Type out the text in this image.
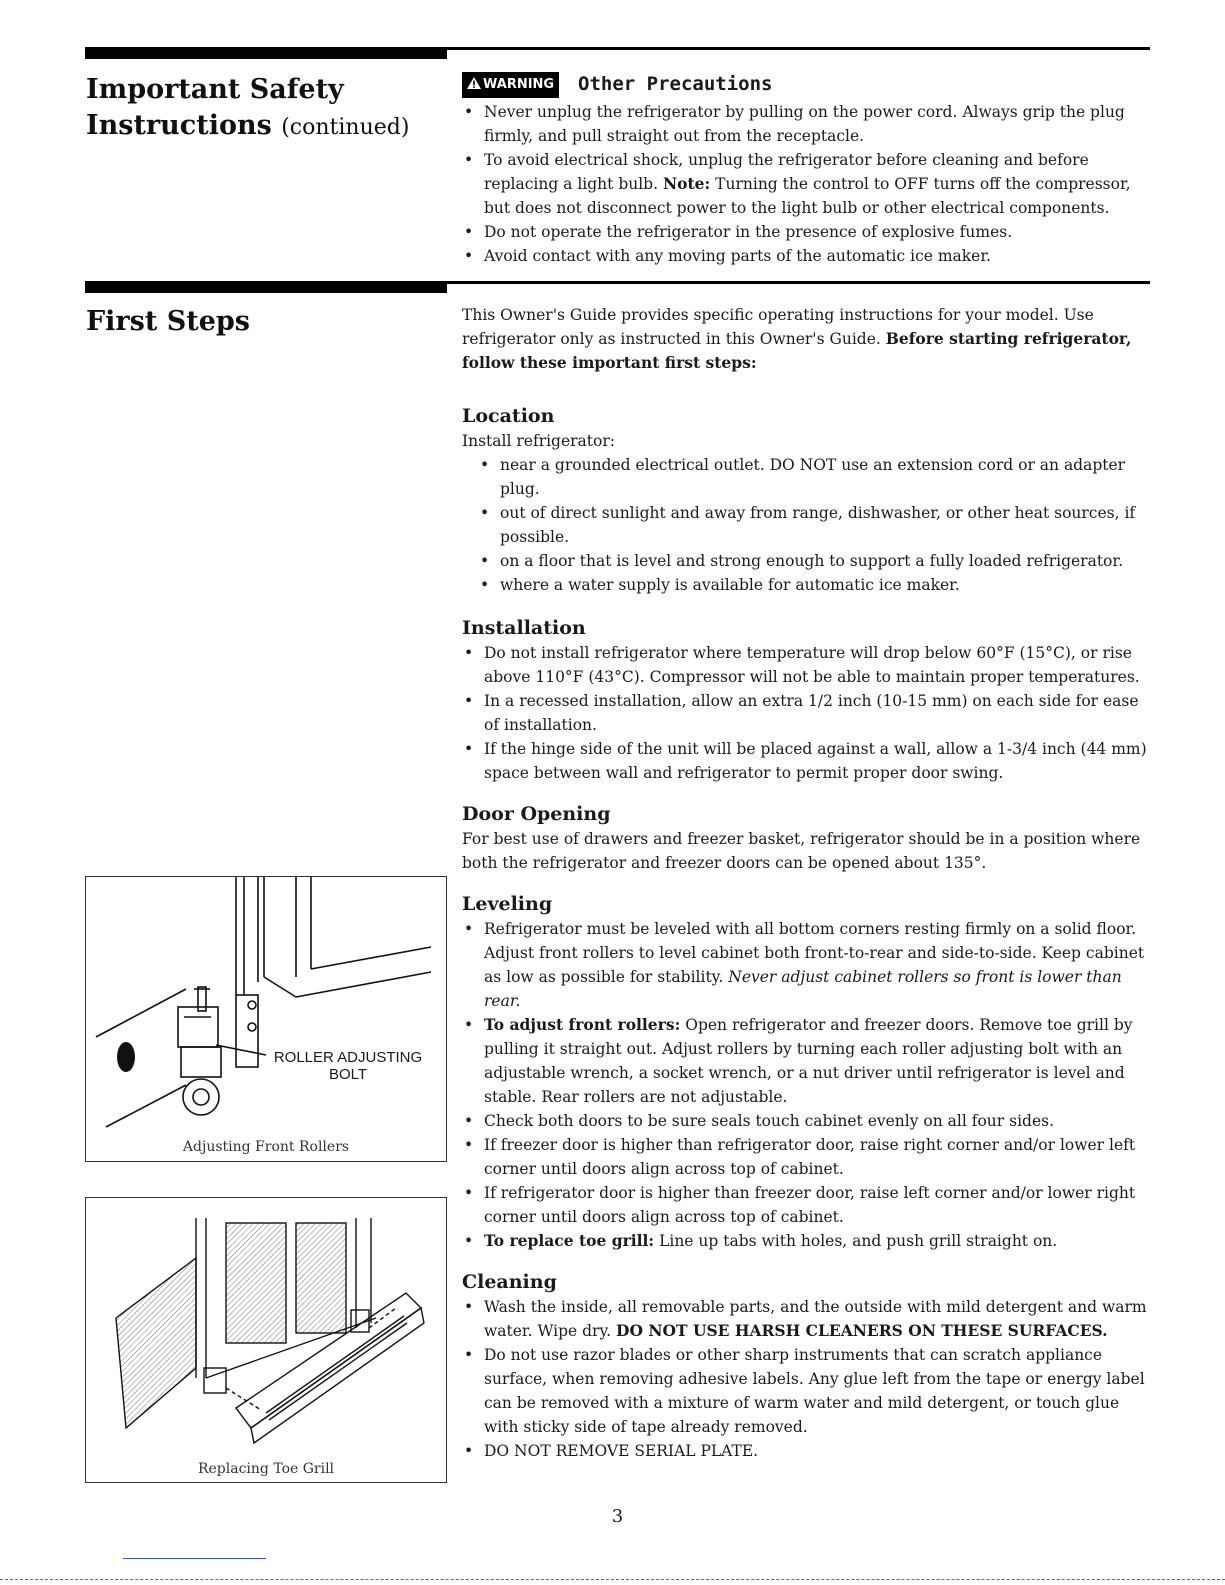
Important Safety
Instructions (continued)
WARNING Other Precautions
• Never unplug the refrigerator by pulling on the power cord. Always grip the plug firmly, and pull straight out from the receptacle.
• To avoid electrical shock, unplug the refrigerator before cleaning and before replacing a light bulb. Note: Turning the control to OFF turns off the compressor, but does not disconnect power to the light bulb or other electrical components.
• Do not operate the refrigerator in the presence of explosive fumes.
• Avoid contact with any moving parts of the automatic ice maker.
First Steps	This Owner's Guide provides specific operating instructions for your model. Use refrigerator only as instructed in this Owner's Guide. Before starting refrigerator, follow these important first steps:

Location

Install refrigerator:

• near a grounded electrical outlet. DO NOT use an extension cord or an adapter plug.
• out of direct sunlight and away from range, dishwasher, or other heat sources, if possible.
• on a floor that is level and strong enough to support a fully loaded refrigerator.
• where a water supply is available for automatic ice maker.
Installation
• Do not install refrigerator where temperature will drop below 60°F (15°C), or rise above 110°F (43°C). Compressor will not be able to maintain proper temperatures.
• In a recessed installation, allow an extra 1/2 inch (10-15 mm) on each side for ease of installation.
• If the hinge side of the unit will be placed against a wall, allow a 1-3/4 inch (44 mm) space between wall and refrigerator to permit proper door swing.
Door Opening

For best use of drawers and freezer basket, refrigerator should be in a position where both the refrigerator and freezer doors can be opened about 135°.

Leveling
• Refrigerator must be leveled with all bottom corners resting firmly on a solid floor. Adjust front rollers to level cabinet both front-to-rear and side-to-side. Keep cabinet as low as possible for stability. Never adjust cabinet rollers so front is lower than rear.
• To adjust front rollers: Open refrigerator and freezer doors. Remove toe grill by pulling it straight out. Adjust rollers by turning each roller adjusting bolt with an adjustable wrench, a socket wrench, or a nut driver until refrigerator is level and stable. Rear rollers are not adjustable.
• Check both doors to be sure seals touch cabinet evenly on all four sides.
• If freezer door is higher than refrigerator door, raise right corner and/or lower left corner until doors align across top of cabinet.
• If refrigerator door is higher than freezer door, raise left corner and/or lower right corner until doors align across top of cabinet.
• To replace toe grill: Line up tabs with holes, and push grill straight on.
Cleaning
• Wash the inside, all removable parts, and the outside with mild detergent and warm water. Wipe dry. DO NOT USE HARSH CLEANERS ON THESE SURFACES.
• Do not use razor blades or other sharp instruments that can scratch appliance surface, when removing adhesive labels. Any glue left from the tape or energy label can be removed with a mixture of warm water and mild detergent, or touch glue with sticky side of tape already removed.
• DO NOT REMOVE SERIAL PLATE.
ROLLER ADJUSTING
BOLT
Adjusting Front Rollers
Replacing Toe Grill
3
